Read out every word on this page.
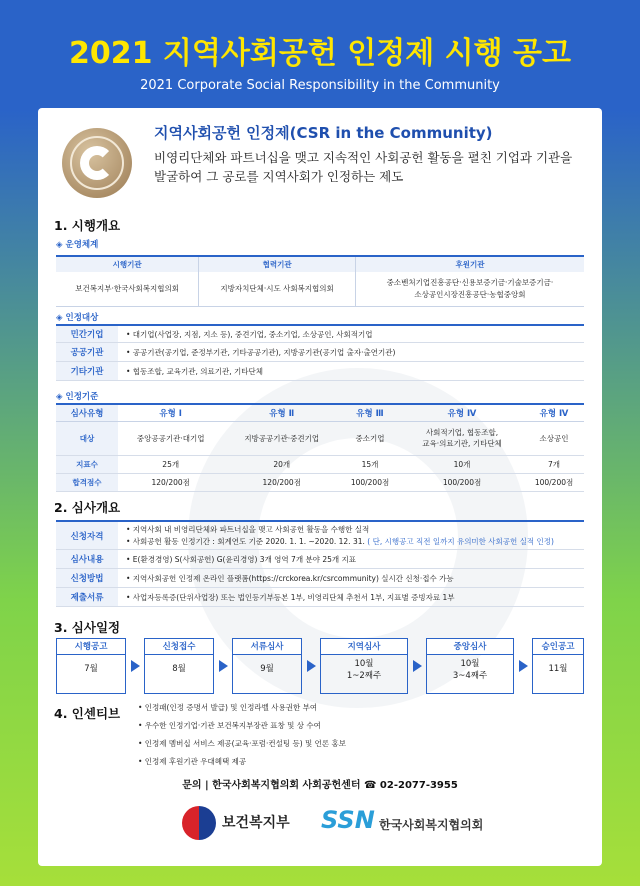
2021 지역사회공헌 인정제 시행 공고
2021 Corporate Social Responsibility in the Community
지역사회공헌 인정제(CSR in the Community)
비영리단체와 파트너십을 맺고 지속적인 사회공헌 활동을 펼친 기업과 기관을
발굴하여 그 공로를 지역사회가 인정하는 제도
1. 시행개요
◈ 운영체계
시행기관	협력기관	후원기관
보건복지부·한국사회복지협의회	지방자치단체·시도 사회복지협의회	중소벤처기업진흥공단·신용보증기금·기술보증기금·
소상공인시장진흥공단·농협중앙회
◈ 인정대상
민간기업	• 대기업(사업장, 지점, 지소 등), 중견기업, 중소기업, 소상공인, 사회적기업
공공기관	• 공공기관(공기업, 준정부기관, 기타공공기관), 지방공기관(공기업 출자·출연기관)
기타기관	• 협동조합, 교육기관, 의료기관, 기타단체
◈ 인정기준
심사유형	유형 Ⅰ	유형 Ⅱ	유형 Ⅲ	유형 Ⅳ	유형 Ⅳ
대상	중앙공공기관·대기업	지방공공기관·중견기업	중소기업	사회적기업, 협동조합,
교육·의료기관, 기타단체	소상공인
지표수	25개	20개	15개	10개	7개
합격점수	120/200점	120/200점	100/200점	100/200점	100/200점
2. 심사개요
신청자격
• 지역사회 내 비영리단체와 파트너십을 맺고 사회공헌 활동을 수행한 실적
• 사회공헌 활동 인정기간 : 회계연도 기준 2020. 1. 1. ~2020. 12. 31. ( 단, 시행공고 직전 일까지 유의미한 사회공헌 실적 인정)
심사내용	• E(환경경영) S(사회공헌) G(윤리경영) 3개 영역 7개 분야 25개 지표
신청방법	• 지역사회공헌 인정제 온라인 플랫폼(https://crckorea.kr/csrcommunity) 실시간 신청·접수 가능
제출서류	• 사업자등록증(단위사업장) 또는 법인등기부등본 1부, 비영리단체 추천서 1부, 지표별 증빙자료 1부
3. 심사일정
시행공고
7월
신청접수
8월
서류심사
9월
지역심사
10월
1~2째주
중앙심사
10월
3~4째주
승인공고
11월
4. 인센티브 • 인정패(인정 증명서 발급) 및 인정라벨 사용권한 부여
• 우수한 인정기업·기관 보건복지부장관 표창 및 상 수여
• 인정제 멤버십 서비스 제공(교육·포럼·컨설팅 등) 및 언론 홍보
• 인정제 후원기관 우대혜택 제공
문의 | 한국사회복지협의회 사회공헌센터 ☎ 02-2077-3955
보건복지부 SSN 한국사회복지협의회
